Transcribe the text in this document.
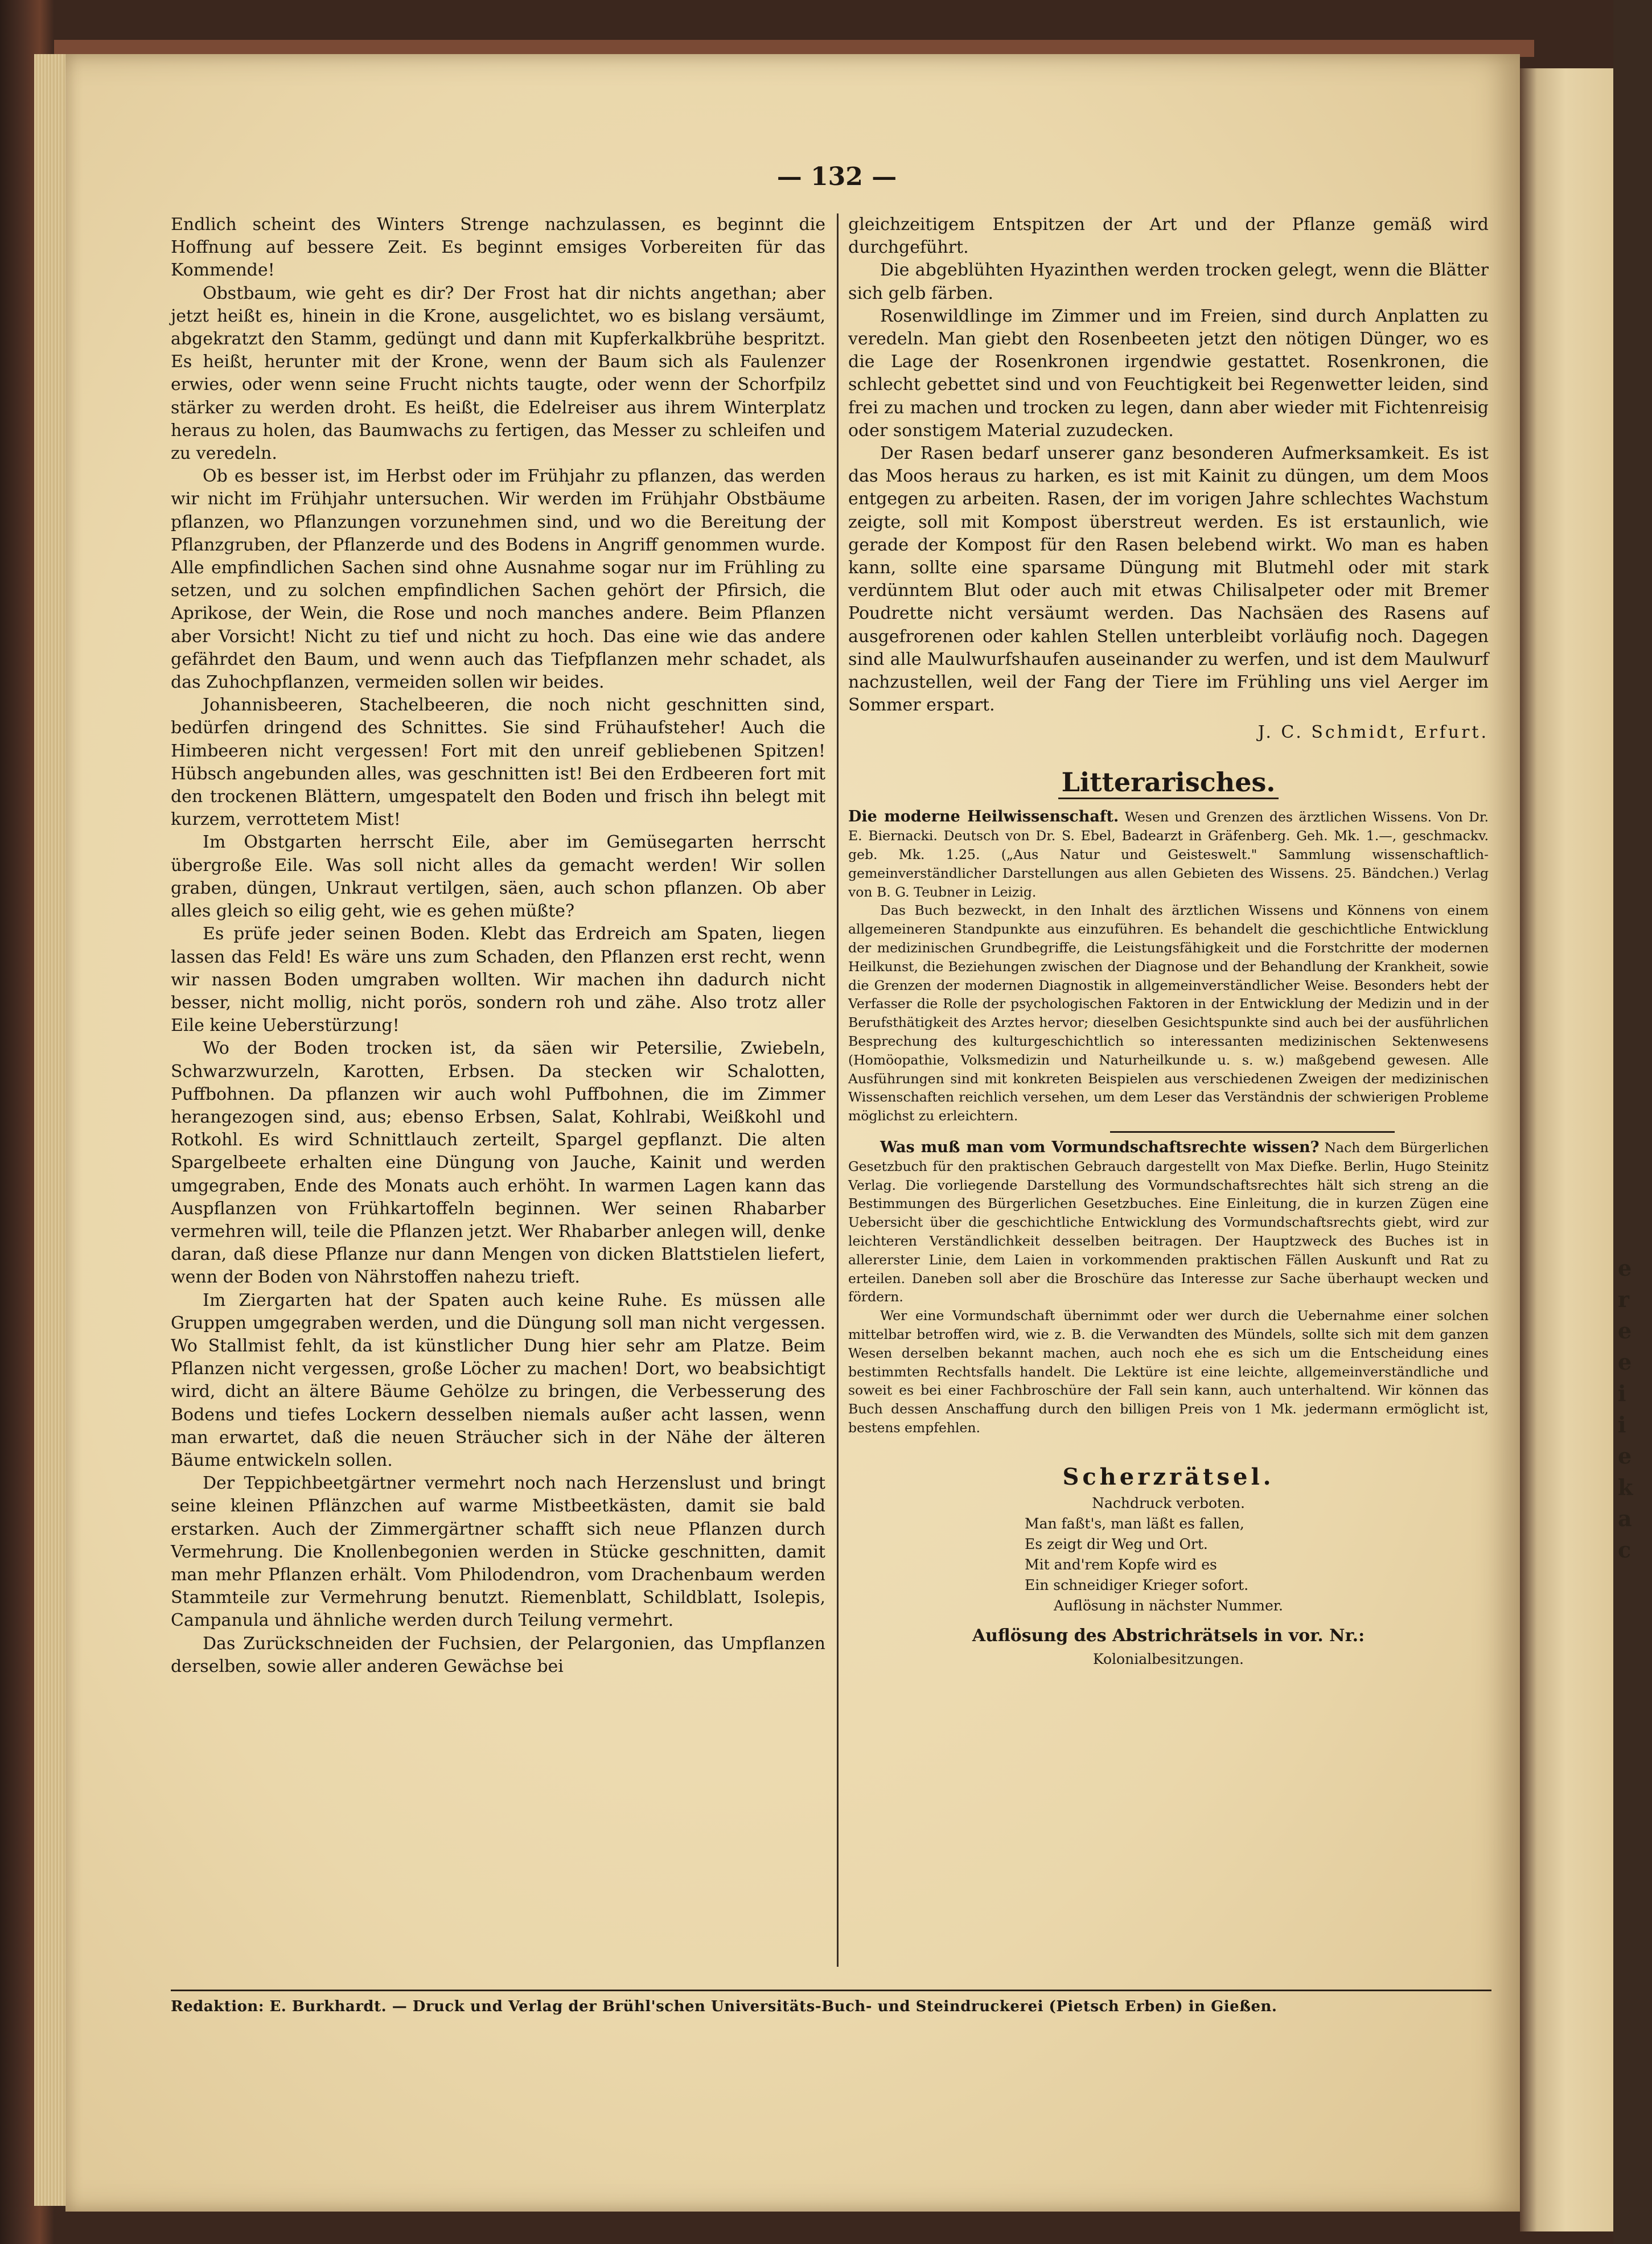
— 132 —

Endlich scheint des Winters Strenge nachzulassen, es beginnt die Hoffnung auf bessere Zeit. Es beginnt emsiges Vorbereiten für das Kommende!

Obstbaum, wie geht es dir? Der Frost hat dir nichts angethan; aber jetzt heißt es, hinein in die Krone, ausgelichtet, wo es bislang versäumt, abgekratzt den Stamm, gedüngt und dann mit Kupferkalkbrühe bespritzt. Es heißt, herunter mit der Krone, wenn der Baum sich als Faulenzer erwies, oder wenn seine Frucht nichts taugte, oder wenn der Schorfpilz stärker zu werden droht. Es heißt, die Edelreiser aus ihrem Winterplatz heraus zu holen, das Baumwachs zu fertigen, das Messer zu schleifen und zu veredeln.

Ob es besser ist, im Herbst oder im Frühjahr zu pflanzen, das werden wir nicht im Frühjahr untersuchen. Wir werden im Frühjahr Obstbäume pflanzen, wo Pflanzungen vorzunehmen sind, und wo die Bereitung der Pflanzgruben, der Pflanzerde und des Bodens in Angriff genommen wurde. Alle empfindlichen Sachen sind ohne Ausnahme sogar nur im Frühling zu setzen, und zu solchen empfindlichen Sachen gehört der Pfirsich, die Aprikose, der Wein, die Rose und noch manches andere. Beim Pflanzen aber Vorsicht! Nicht zu tief und nicht zu hoch. Das eine wie das andere gefährdet den Baum, und wenn auch das Tiefpflanzen mehr schadet, als das Zuhochpflanzen, vermeiden sollen wir beides.

Johannisbeeren, Stachelbeeren, die noch nicht geschnitten sind, bedürfen dringend des Schnittes. Sie sind Frühaufsteher! Auch die Himbeeren nicht vergessen! Fort mit den unreif gebliebenen Spitzen! Hübsch angebunden alles, was geschnitten ist! Bei den Erdbeeren fort mit den trockenen Blättern, umgespatelt den Boden und frisch ihn belegt mit kurzem, verrottetem Mist!

Im Obstgarten herrscht Eile, aber im Gemüsegarten herrscht übergroße Eile. Was soll nicht alles da gemacht werden! Wir sollen graben, düngen, Unkraut vertilgen, säen, auch schon pflanzen. Ob aber alles gleich so eilig geht, wie es gehen müßte?

Es prüfe jeder seinen Boden. Klebt das Erdreich am Spaten, liegen lassen das Feld! Es wäre uns zum Schaden, den Pflanzen erst recht, wenn wir nassen Boden umgraben wollten. Wir machen ihn dadurch nicht besser, nicht mollig, nicht porös, sondern roh und zähe. Also trotz aller Eile keine Ueberstürzung!

Wo der Boden trocken ist, da säen wir Petersilie, Zwiebeln, Schwarzwurzeln, Karotten, Erbsen. Da stecken wir Schalotten, Puffbohnen. Da pflanzen wir auch wohl Puffbohnen, die im Zimmer herangezogen sind, aus; ebenso Erbsen, Salat, Kohlrabi, Weißkohl und Rotkohl. Es wird Schnittlauch zerteilt, Spargel gepflanzt. Die alten Spargelbeete erhalten eine Düngung von Jauche, Kainit und werden umgegraben, Ende des Monats auch erhöht. In warmen Lagen kann das Auspflanzen von Frühkartoffeln beginnen. Wer seinen Rhabarber vermehren will, teile die Pflanzen jetzt. Wer Rhabarber anlegen will, denke daran, daß diese Pflanze nur dann Mengen von dicken Blattstielen liefert, wenn der Boden von Nährstoffen nahezu trieft.

Im Ziergarten hat der Spaten auch keine Ruhe. Es müssen alle Gruppen umgegraben werden, und die Düngung soll man nicht vergessen. Wo Stallmist fehlt, da ist künstlicher Dung hier sehr am Platze. Beim Pflanzen nicht vergessen, große Löcher zu machen! Dort, wo beabsichtigt wird, dicht an ältere Bäume Gehölze zu bringen, die Verbesserung des Bodens und tiefes Lockern desselben niemals außer acht lassen, wenn man erwartet, daß die neuen Sträucher sich in der Nähe der älteren Bäume entwickeln sollen.

Der Teppichbeetgärtner vermehrt noch nach Herzenslust und bringt seine kleinen Pflänzchen auf warme Mistbeetkästen, damit sie bald erstarken. Auch der Zimmergärtner schafft sich neue Pflanzen durch Vermehrung. Die Knollenbegonien werden in Stücke geschnitten, damit man mehr Pflanzen erhält. Vom Philodendron, vom Drachenbaum werden Stammteile zur Vermehrung benutzt. Riemenblatt, Schildblatt, Isolepis, Campanula und ähnliche werden durch Teilung vermehrt.

Das Zurückschneiden der Fuchsien, der Pelargonien, das Umpflanzen derselben, sowie aller anderen Gewächse bei

gleichzeitigem Entspitzen der Art und der Pflanze gemäß wird durchgeführt.

Die abgeblühten Hyazinthen werden trocken gelegt, wenn die Blätter sich gelb färben.

Rosenwildlinge im Zimmer und im Freien, sind durch Anplatten zu veredeln. Man giebt den Rosenbeeten jetzt den nötigen Dünger, wo es die Lage der Rosenkronen irgendwie gestattet. Rosenkronen, die schlecht gebettet sind und von Feuchtigkeit bei Regenwetter leiden, sind frei zu machen und trocken zu legen, dann aber wieder mit Fichtenreisig oder sonstigem Material zuzudecken.

Der Rasen bedarf unserer ganz besonderen Aufmerksamkeit. Es ist das Moos heraus zu harken, es ist mit Kainit zu düngen, um dem Moos entgegen zu arbeiten. Rasen, der im vorigen Jahre schlechtes Wachstum zeigte, soll mit Kompost überstreut werden. Es ist erstaunlich, wie gerade der Kompost für den Rasen belebend wirkt. Wo man es haben kann, sollte eine sparsame Düngung mit Blutmehl oder mit stark verdünntem Blut oder auch mit etwas Chilisalpeter oder mit Bremer Poudrette nicht versäumt werden. Das Nachsäen des Rasens auf ausgefrorenen oder kahlen Stellen unterbleibt vorläufig noch. Dagegen sind alle Maulwurfshaufen auseinander zu werfen, und ist dem Maulwurf nachzustellen, weil der Fang der Tiere im Frühling uns viel Aerger im Sommer erspart.

J. C. Schmidt, Erfurt.
Litterarisches.

Die moderne Heilwissenschaft. Wesen und Grenzen des ärztlichen Wissens. Von Dr. E. Biernacki. Deutsch von Dr. S. Ebel, Badearzt in Gräfenberg. Geh. Mk. 1.—, geschmackv. geb. Mk. 1.25. („Aus Natur und Geisteswelt." Sammlung wissenschaftlich-gemeinverständlicher Darstellungen aus allen Gebieten des Wissens. 25. Bändchen.) Verlag von B. G. Teubner in Leizig.

Das Buch bezweckt, in den Inhalt des ärztlichen Wissens und Könnens von einem allgemeineren Standpunkte aus einzuführen. Es behandelt die geschichtliche Entwicklung der medizinischen Grundbegriffe, die Leistungsfähigkeit und die Forstchritte der modernen Heilkunst, die Beziehungen zwischen der Diagnose und der Behandlung der Krankheit, sowie die Grenzen der modernen Diagnostik in allgemeinverständlicher Weise. Besonders hebt der Verfasser die Rolle der psychologischen Faktoren in der Entwicklung der Medizin und in der Berufsthätigkeit des Arztes hervor; dieselben Gesichtspunkte sind auch bei der ausführlichen Besprechung des kulturgeschichtlich so interessanten medizinischen Sektenwesens (Homöopathie, Volksmedizin und Naturheilkunde u. s. w.) maßgebend gewesen. Alle Ausführungen sind mit konkreten Beispielen aus verschiedenen Zweigen der medizinischen Wissenschaften reichlich versehen, um dem Leser das Verständnis der schwierigen Probleme möglichst zu erleichtern.

Was muß man vom Vormundschaftsrechte wissen? Nach dem Bürgerlichen Gesetzbuch für den praktischen Gebrauch dargestellt von Max Diefke. Berlin, Hugo Steinitz Verlag. Die vorliegende Darstellung des Vormundschaftsrechtes hält sich streng an die Bestimmungen des Bürgerlichen Gesetzbuches. Eine Einleitung, die in kurzen Zügen eine Uebersicht über die geschichtliche Entwicklung des Vormundschaftsrechts giebt, wird zur leichteren Verständlichkeit desselben beitragen. Der Hauptzweck des Buches ist in allererster Linie, dem Laien in vorkommenden praktischen Fällen Auskunft und Rat zu erteilen. Daneben soll aber die Broschüre das Interesse zur Sache überhaupt wecken und fördern.

Wer eine Vormundschaft übernimmt oder wer durch die Uebernahme einer solchen mittelbar betroffen wird, wie z. B. die Verwandten des Mündels, sollte sich mit dem ganzen Wesen derselben bekannt machen, auch noch ehe es sich um die Entscheidung eines bestimmten Rechtsfalls handelt. Die Lektüre ist eine leichte, allgemeinverständliche und soweit es bei einer Fachbroschüre der Fall sein kann, auch unterhaltend. Wir können das Buch dessen Anschaffung durch den billigen Preis von 1 Mk. jedermann ermöglicht ist, bestens empfehlen.

Scherzrätsel.
Nachdruck verboten.
Man faßt's, man läßt es fallen,
Es zeigt dir Weg und Ort.
Mit and'rem Kopfe wird es
Ein schneidiger Krieger sofort.
Auflösung in nächster Nummer.
Auflösung des Abstrichrätsels in vor. Nr.:
Kolonialbesitzungen.
Redaktion: E. Burkhardt. — Druck und Verlag der Brühl'schen Universitäts-Buch- und Steindruckerei (Pietsch Erben) in Gießen.
e
r
e
e
i
i
e
k
a
c
